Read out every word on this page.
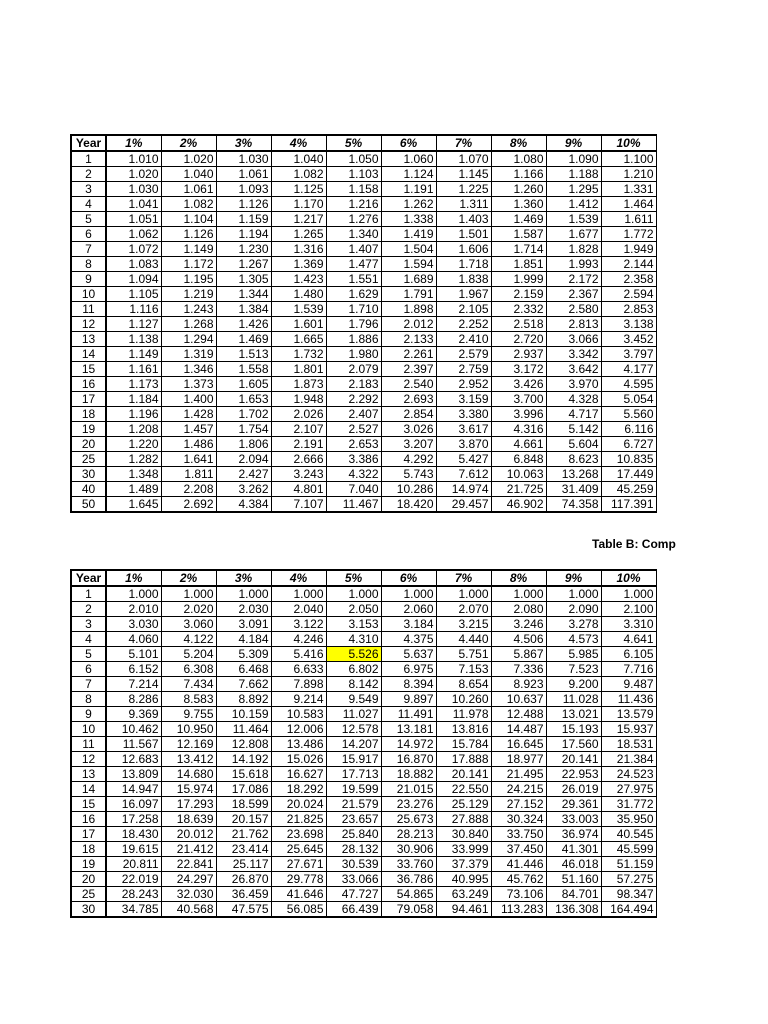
Year	1%	2%	3%	4%	5%	6%	7%	8%	9%	10%
1	1.010	1.020	1.030	1.040	1.050	1.060	1.070	1.080	1.090	1.100
2	1.020	1.040	1.061	1.082	1.103	1.124	1.145	1.166	1.188	1.210
3	1.030	1.061	1.093	1.125	1.158	1.191	1.225	1.260	1.295	1.331
4	1.041	1.082	1.126	1.170	1.216	1.262	1.311	1.360	1.412	1.464
5	1.051	1.104	1.159	1.217	1.276	1.338	1.403	1.469	1.539	1.611
6	1.062	1.126	1.194	1.265	1.340	1.419	1.501	1.587	1.677	1.772
7	1.072	1.149	1.230	1.316	1.407	1.504	1.606	1.714	1.828	1.949
8	1.083	1.172	1.267	1.369	1.477	1.594	1.718	1.851	1.993	2.144
9	1.094	1.195	1.305	1.423	1.551	1.689	1.838	1.999	2.172	2.358
10	1.105	1.219	1.344	1.480	1.629	1.791	1.967	2.159	2.367	2.594
11	1.116	1.243	1.384	1.539	1.710	1.898	2.105	2.332	2.580	2.853
12	1.127	1.268	1.426	1.601	1.796	2.012	2.252	2.518	2.813	3.138
13	1.138	1.294	1.469	1.665	1.886	2.133	2.410	2.720	3.066	3.452
14	1.149	1.319	1.513	1.732	1.980	2.261	2.579	2.937	3.342	3.797
15	1.161	1.346	1.558	1.801	2.079	2.397	2.759	3.172	3.642	4.177
16	1.173	1.373	1.605	1.873	2.183	2.540	2.952	3.426	3.970	4.595
17	1.184	1.400	1.653	1.948	2.292	2.693	3.159	3.700	4.328	5.054
18	1.196	1.428	1.702	2.026	2.407	2.854	3.380	3.996	4.717	5.560
19	1.208	1.457	1.754	2.107	2.527	3.026	3.617	4.316	5.142	6.116
20	1.220	1.486	1.806	2.191	2.653	3.207	3.870	4.661	5.604	6.727
25	1.282	1.641	2.094	2.666	3.386	4.292	5.427	6.848	8.623	10.835
30	1.348	1.811	2.427	3.243	4.322	5.743	7.612	10.063	13.268	17.449
40	1.489	2.208	3.262	4.801	7.040	10.286	14.974	21.725	31.409	45.259
50	1.645	2.692	4.384	7.107	11.467	18.420	29.457	46.902	74.358	117.391
Table B: Comp
Year	1%	2%	3%	4%	5%	6%	7%	8%	9%	10%
1	1.000	1.000	1.000	1.000	1.000	1.000	1.000	1.000	1.000	1.000
2	2.010	2.020	2.030	2.040	2.050	2.060	2.070	2.080	2.090	2.100
3	3.030	3.060	3.091	3.122	3.153	3.184	3.215	3.246	3.278	3.310
4	4.060	4.122	4.184	4.246	4.310	4.375	4.440	4.506	4.573	4.641
5	5.101	5.204	5.309	5.416	5.526	5.637	5.751	5.867	5.985	6.105
6	6.152	6.308	6.468	6.633	6.802	6.975	7.153	7.336	7.523	7.716
7	7.214	7.434	7.662	7.898	8.142	8.394	8.654	8.923	9.200	9.487
8	8.286	8.583	8.892	9.214	9.549	9.897	10.260	10.637	11.028	11.436
9	9.369	9.755	10.159	10.583	11.027	11.491	11.978	12.488	13.021	13.579
10	10.462	10.950	11.464	12.006	12.578	13.181	13.816	14.487	15.193	15.937
11	11.567	12.169	12.808	13.486	14.207	14.972	15.784	16.645	17.560	18.531
12	12.683	13.412	14.192	15.026	15.917	16.870	17.888	18.977	20.141	21.384
13	13.809	14.680	15.618	16.627	17.713	18.882	20.141	21.495	22.953	24.523
14	14.947	15.974	17.086	18.292	19.599	21.015	22.550	24.215	26.019	27.975
15	16.097	17.293	18.599	20.024	21.579	23.276	25.129	27.152	29.361	31.772
16	17.258	18.639	20.157	21.825	23.657	25.673	27.888	30.324	33.003	35.950
17	18.430	20.012	21.762	23.698	25.840	28.213	30.840	33.750	36.974	40.545
18	19.615	21.412	23.414	25.645	28.132	30.906	33.999	37.450	41.301	45.599
19	20.811	22.841	25.117	27.671	30.539	33.760	37.379	41.446	46.018	51.159
20	22.019	24.297	26.870	29.778	33.066	36.786	40.995	45.762	51.160	57.275
25	28.243	32.030	36.459	41.646	47.727	54.865	63.249	73.106	84.701	98.347
30	34.785	40.568	47.575	56.085	66.439	79.058	94.461	113.283	136.308	164.494
